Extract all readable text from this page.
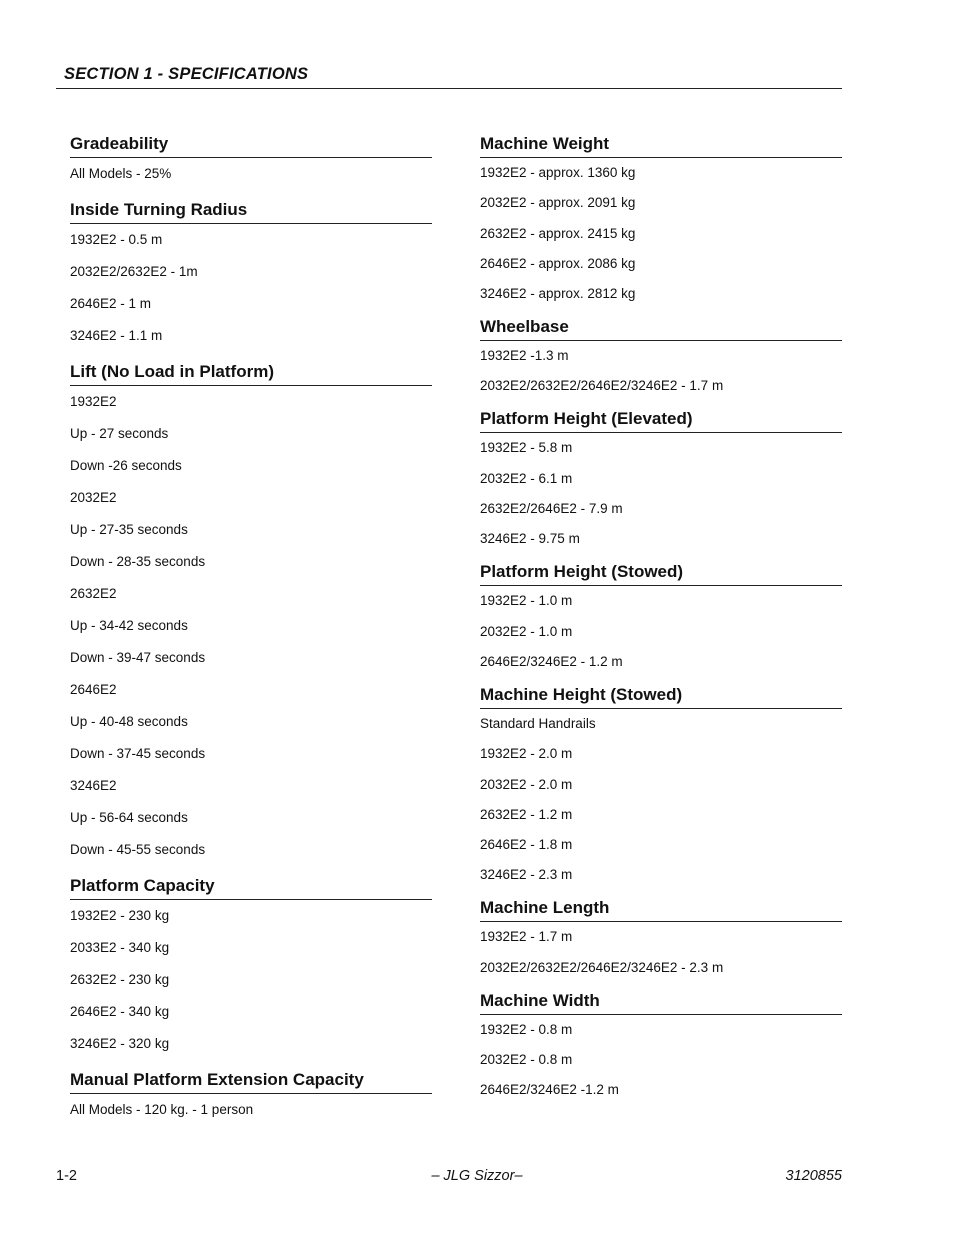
SECTION 1 - SPECIFICATIONS
Gradeability

All Models - 25%

Inside Turning Radius

1932E2 - 0.5 m

2032E2/2632E2 - 1m

2646E2 - 1 m

3246E2 - 1.1 m

Lift (No Load in Platform)

1932E2

Up - 27 seconds

Down -26 seconds

2032E2

Up - 27-35 seconds

Down - 28-35 seconds

2632E2

Up - 34-42 seconds

Down - 39-47 seconds

2646E2

Up - 40-48 seconds

Down - 37-45 seconds

3246E2

Up - 56-64 seconds

Down - 45-55 seconds

Platform Capacity

1932E2 - 230 kg

2033E2 - 340 kg

2632E2 - 230 kg

2646E2 - 340 kg

3246E2 - 320 kg

Manual Platform Extension Capacity

All Models - 120 kg. - 1 person

Machine Weight

1932E2 - approx. 1360 kg

2032E2 - approx. 2091 kg

2632E2 - approx. 2415 kg

2646E2 - approx. 2086 kg

3246E2 - approx. 2812 kg

Wheelbase

1932E2 -1.3 m

2032E2/2632E2/2646E2/3246E2 - 1.7 m

Platform Height (Elevated)

1932E2 - 5.8 m

2032E2 - 6.1 m

2632E2/2646E2 - 7.9 m

3246E2 - 9.75 m

Platform Height (Stowed)

1932E2 - 1.0 m

2032E2 - 1.0 m

2646E2/3246E2 - 1.2 m

Machine Height (Stowed)

Standard Handrails

1932E2 - 2.0 m

2032E2 - 2.0 m

2632E2 - 1.2 m

2646E2 - 1.8 m

3246E2 - 2.3 m

Machine Length

1932E2 - 1.7 m

2032E2/2632E2/2646E2/3246E2 - 2.3 m

Machine Width

1932E2 - 0.8 m

2032E2 - 0.8 m

2646E2/3246E2 -1.2 m

1-2	– JLG Sizzor–	3120855
